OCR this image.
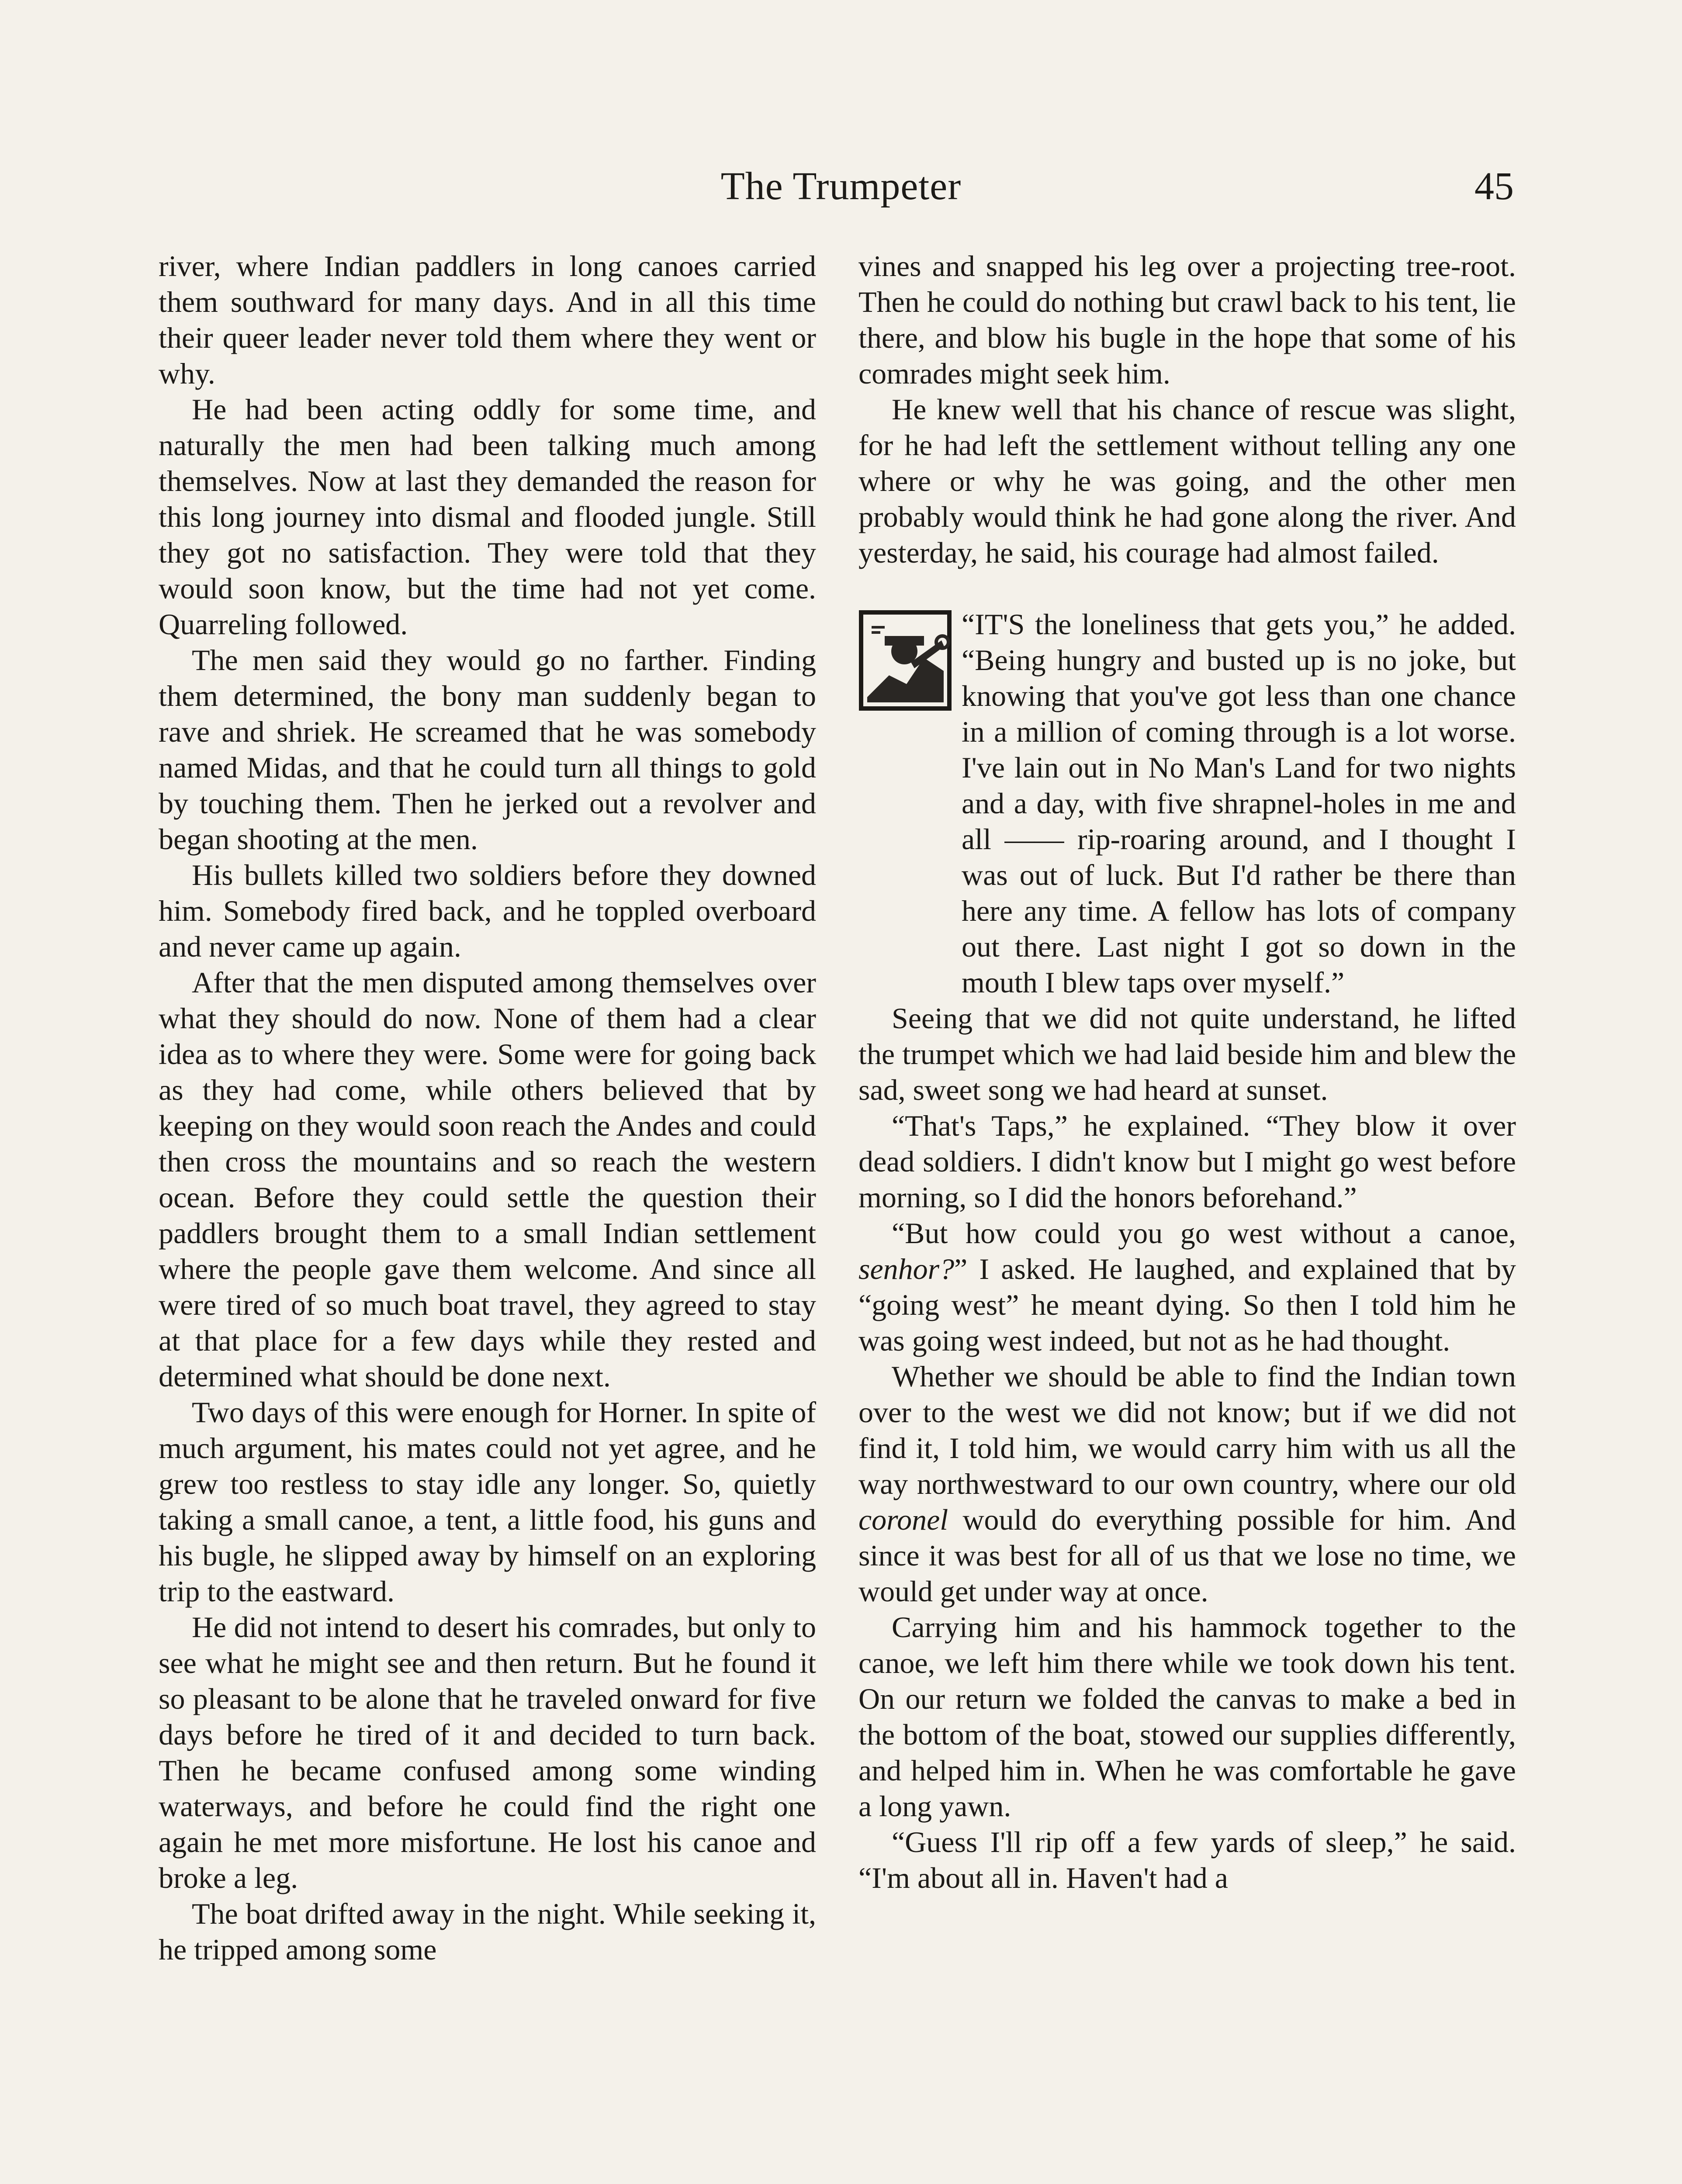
The Trumpeter	45

river, where Indian paddlers in long canoes carried them southward for many days. And in all this time their queer leader never told them where they went or why.

He had been acting oddly for some time, and naturally the men had been talking much among themselves. Now at last they demanded the reason for this long journey into dismal and flooded jungle. Still they got no satisfaction. They were told that they would soon know, but the time had not yet come. Quarreling followed.

The men said they would go no farther. Finding them determined, the bony man suddenly began to rave and shriek. He screamed that he was somebody named Midas, and that he could turn all things to gold by touching them. Then he jerked out a revolver and began shooting at the men.

His bullets killed two soldiers before they downed him. Somebody fired back, and he toppled overboard and never came up again.

After that the men disputed among themselves over what they should do now. None of them had a clear idea as to where they were. Some were for going back as they had come, while others believed that by keeping on they would soon reach the Andes and could then cross the mountains and so reach the western ocean. Before they could settle the question their paddlers brought them to a small Indian settlement where the people gave them welcome. And since all were tired of so much boat travel, they agreed to stay at that place for a few days while they rested and determined what should be done next.

Two days of this were enough for Horner. In spite of much argument, his mates could not yet agree, and he grew too restless to stay idle any longer. So, quietly taking a small canoe, a tent, a little food, his guns and his bugle, he slipped away by himself on an exploring trip to the eastward.

He did not intend to desert his comrades, but only to see what he might see and then return. But he found it so pleasant to be alone that he traveled onward for five days before he tired of it and decided to turn back. Then he became confused among some winding waterways, and before he could find the right one again he met more misfortune. He lost his canoe and broke a leg.

The boat drifted away in the night. While seeking it, he tripped among some

vines and snapped his leg over a projecting tree-root. Then he could do nothing but crawl back to his tent, lie there, and blow his bugle in the hope that some of his comrades might seek him.

He knew well that his chance of rescue was slight, for he had left the settlement without telling any one where or why he was going, and the other men probably would think he had gone along the river. And yesterday, he said, his courage had almost failed.

“IT'S the loneliness that gets you,” he added. “Being hungry and busted up is no joke, but knowing that you've got less than one chance in a million of coming through is a lot worse. I've lain out in No Man's Land for two nights and a day, with five shrapnel-holes in me and all —— rip-roaring around, and I thought I was out of luck. But I'd rather be there than here any time. A fellow has lots of company out there. Last night I got so down in the mouth I blew taps over myself.”

Seeing that we did not quite understand, he lifted the trumpet which we had laid beside him and blew the sad, sweet song we had heard at sunset.

“That's Taps,” he explained. “They blow it over dead soldiers. I didn't know but I might go west before morning, so I did the honors beforehand.”

“But how could you go west without a canoe, senhor?” I asked. He laughed, and explained that by “going west” he meant dying. So then I told him he was going west indeed, but not as he had thought.

Whether we should be able to find the Indian town over to the west we did not know; but if we did not find it, I told him, we would carry him with us all the way northwestward to our own country, where our old coronel would do everything possible for him. And since it was best for all of us that we lose no time, we would get under way at once.

Carrying him and his hammock together to the canoe, we left him there while we took down his tent. On our return we folded the canvas to make a bed in the bottom of the boat, stowed our supplies differently, and helped him in. When he was comfortable he gave a long yawn.

“Guess I'll rip off a few yards of sleep,” he said. “I'm about all in. Haven't had a
